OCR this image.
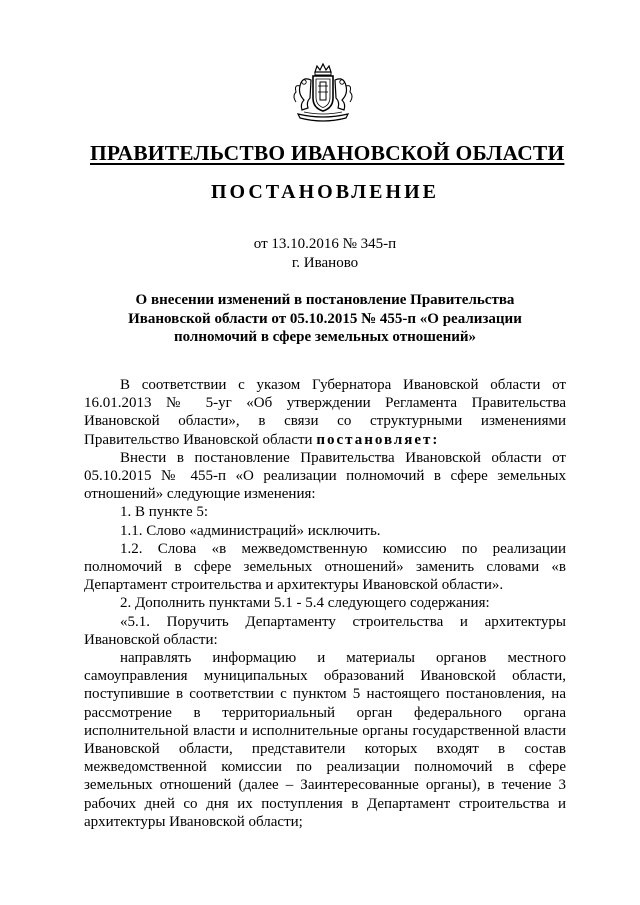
ПРАВИТЕЛЬСТВО ИВАНОВСКОЙ ОБЛАСТИ
ПОСТАНОВЛЕНИЕ
от 13.10.2016 № 345-п
г. Иваново
О внесении изменений в постановление Правительства
Ивановской области от 05.10.2015 № 455-п «О реализации
полномочий в сфере земельных отношений»

В соответствии с указом Губернатора Ивановской области от 16.01.2013 № 5-уг «Об утверждении Регламента Правительства Ивановской области», в связи со структурными изменениями Правительство Ивановской области постановляет:

Внести в постановление Правительства Ивановской области от 05.10.2015 № 455-п «О реализации полномочий в сфере земельных отношений» следующие изменения:

1. В пункте 5:

1.1. Слово «администраций» исключить.

1.2. Слова «в межведомственную комиссию по реализации полномочий в сфере земельных отношений» заменить словами «в Департамент строительства и архитектуры Ивановской области».

2. Дополнить пунктами 5.1 - 5.4 следующего содержания:

«5.1. Поручить Департаменту строительства и архитектуры Ивановской области:

направлять информацию и материалы органов местного самоуправления муниципальных образований Ивановской области, поступившие в соответствии с пунктом 5 настоящего постановления, на рассмотрение в территориальный орган федерального органа исполнительной власти и исполнительные органы государственной власти Ивановской области, представители которых входят в состав межведомственной комиссии по реализации полномочий в сфере земельных отношений (далее – Заинтересованные органы), в течение 3 рабочих дней со дня их поступления в Департамент строительства и архитектуры Ивановской области;
